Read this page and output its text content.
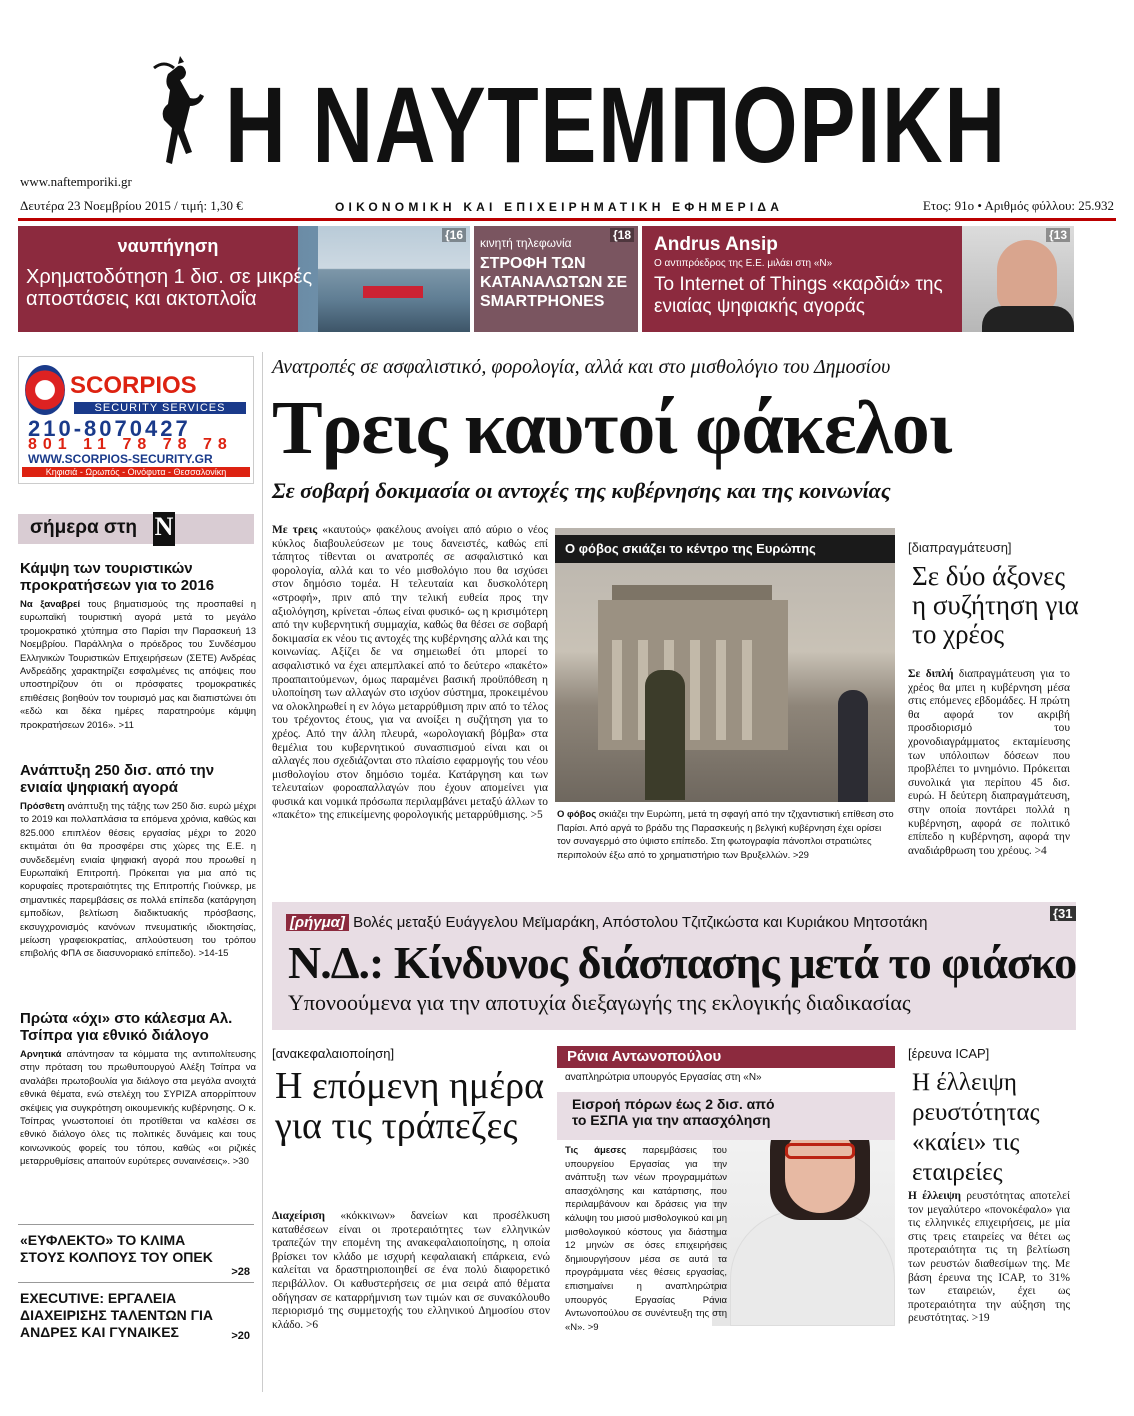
Η ΝΑΥΤΕΜΠΟΡΙΚΗ
www.naftemporiki.gr
Δευτέρα 23 Νοεμβρίου 2015 / τιμή: 1,30 €	ΟΙΚΟΝΟΜΙΚΗ ΚΑΙ ΕΠΙΧΕΙΡΗΜΑΤΙΚΗ ΕΦΗΜΕΡΙΔΑ	Ετος: 91ο • Αριθμός φύλλου: 25.932
ναυπήγηση
Χρηματοδότηση 1 δισ. σε μικρές αποστάσεις και ακτοπλοΐα
{16
κινητή τηλεφωνία
ΣΤΡΟΦΗ ΤΩΝ ΚΑΤΑΝΑΛΩΤΩΝ ΣΕ SMARTPHONES
{18 Andrus Ansip
Ο αντιπρόεδρος της Ε.Ε. μιλάει στη «Ν»
Το Internet of Things «καρδιά» της ενιαίας ψηφιακής αγοράς
{13
SCORPIOS
SECURITY SERVICES
210-8070427
801 11 78 78 78
WWW.SCORPIOS-SECURITY.GR
Κηφισιά - Ωρωπός - Οινόφυτα - Θεσσαλονίκη
σήμερα στη N
Κάμψη των τουριστικών προκρατήσεων για το 2016
Να ξαναβρεί τους βηματισμούς της προσπαθεί η ευρωπαϊκή τουριστική αγορά μετά το μεγάλο τρομοκρατικό χτύπημα στο Παρίσι την Παρασκευή 13 Νοεμβρίου. Παράλληλα ο πρόεδρος του Συνδέσμου Ελληνικών Τουριστικών Επιχειρήσεων (ΣΕΤΕ) Ανδρέας Ανδρεάδης χαρακτηρίζει εσφαλμένες τις απόψεις που υποστηρίζουν ότι οι πρόσφατες τρομοκρατικές επιθέσεις βοηθούν τον τουρισμό μας και διαπιστώνει ότι «εδώ και δέκα ημέρες παρατηρούμε κάμψη προκρατήσεων 2016». >11
Ανάπτυξη 250 δισ. από την ενιαία ψηφιακή αγορά
Πρόσθετη ανάπτυξη της τάξης των 250 δισ. ευρώ μέχρι το 2019 και πολλαπλάσια τα επόμενα χρόνια, καθώς και 825.000 επιπλέον θέσεις εργασίας μέχρι το 2020 εκτιμάται ότι θα προσφέρει στις χώρες της Ε.Ε. η συνδεδεμένη ενιαία ψηφιακή αγορά που προωθεί η Ευρωπαϊκή Επιτροπή. Πρόκειται για μια από τις κορυφαίες προτεραιότητες της Επιτροπής Γιούνκερ, με σημαντικές παρεμβάσεις σε πολλά επίπεδα (κατάργηση εμποδίων, βελτίωση διαδικτυακής πρόσβασης, εκσυγχρονισμός κανόνων πνευματικής ιδιοκτησίας, μείωση γραφειοκρατίας, απλούστευση του τρόπου επιβολής ΦΠΑ σε διασυνοριακό επίπεδο). >14-15
Πρώτα «όχι» στο κάλεσμα Αλ. Τσίπρα για εθνικό διάλογο
Αρνητικά απάντησαν τα κόμματα της αντιπολίτευσης στην πρόταση του πρωθυπουργού Αλέξη Τσίπρα να αναλάβει πρωτοβουλία για διάλογο στα μεγάλα ανοιχτά εθνικά θέματα, ενώ στελέχη του ΣΥΡΙΖΑ απορρίπτουν σκέψεις για συγκρότηση οικουμενικής κυβέρνησης. Ο κ. Τσίπρας γνωστοποιεί ότι προτίθεται να καλέσει σε εθνικό διάλογο όλες τις πολιτικές δυνάμεις και τους κοινωνικούς φορείς του τόπου, καθώς «οι ριζικές μεταρρυθμίσεις απαιτούν ευρύτερες συναινέσεις». >30
«ΕΥΦΛΕΚΤΟ» ΤΟ ΚΛΙΜΑ ΣΤΟΥΣ ΚΟΛΠΟΥΣ ΤΟΥ ΟΠΕΚ
>28
EXECUTIVE: ΕΡΓΑΛΕΙΑ ΔΙΑΧΕΙΡΙΣΗΣ ΤΑΛΕΝΤΩΝ ΓΙΑ ΑΝΔΡΕΣ ΚΑΙ ΓΥΝΑΙΚΕΣ	>20
Ανατροπές σε ασφαλιστικό, φορολογία, αλλά και στο μισθολόγιο του Δημοσίου
Τρεις καυτοί φάκελοι
Σε σοβαρή δοκιμασία οι αντοχές της κυβέρνησης και της κοινωνίας
Με τρεις «καυτούς» φακέλους ανοίγει από αύριο ο νέος κύκλος διαβουλεύσεων με τους δανειστές, καθώς επί τάπητος τίθενται οι ανατροπές σε ασφαλιστικό και φορολογία, αλλά και το νέο μισθολόγιο που θα ισχύσει στον δημόσιο τομέα. Η τελευταία και δυσκολότερη «στροφή», πριν από την τελική ευθεία προς την αξιολόγηση, κρίνεται -όπως είναι φυσικό- ως η κρισιμότερη από την κυβερνητική συμμαχία, καθώς θα θέσει σε σοβαρή δοκιμασία εκ νέου τις αντοχές της κυβέρνησης αλλά και της κοινωνίας. Αξίζει δε να σημειωθεί ότι μπορεί το ασφαλιστικό να έχει απεμπλακεί από το δεύτερο «πακέτο» προαπαιτούμενων, όμως παραμένει βασική προϋπόθεση η υλοποίηση των αλλαγών στο ισχύον σύστημα, προκειμένου να ολοκληρωθεί η εν λόγω μεταρρύθμιση πριν από το τέλος του τρέχοντος έτους, για να ανοίξει η συζήτηση για το χρέος. Από την άλλη πλευρά, «ωρολογιακή βόμβα» στα θεμέλια του κυβερνητικού συνασπισμού είναι και οι αλλαγές που σχεδιάζονται στο πλαίσιο εφαρμογής του νέου μισθολογίου στον δημόσιο τομέα. Κατάργηση και των τελευταίων φοροαπαλλαγών που έχουν απομείνει για φυσικά και νομικά πρόσωπα περιλαμβάνει μεταξύ άλλων το «πακέτο» της επικείμενης φορολογικής μεταρρύθμισης. >5
Ο φόβος σκιάζει το κέντρο της Ευρώπης
Ο φόβος σκιάζει την Ευρώπη, μετά τη σφαγή από την τζιχαντιστική επίθεση στο Παρίσι. Από αργά το βράδυ της Παρασκευής η βελγική κυβέρνηση έχει ορίσει τον συναγερμό στο ύψιστο επίπεδο. Στη φωτογραφία πάνοπλοι στρατιώτες περιπολούν έξω από το χρηματιστήριο των Βρυξελλών. >29
[διαπραγμάτευση]
Σε δύο άξονες η συζήτηση για το χρέος
Σε διπλή διαπραγμάτευση για το χρέος θα μπει η κυβέρνηση μέσα στις επόμενες εβδομάδες. Η πρώτη θα αφορά τον ακριβή προσδιορισμό του χρονοδιαγράμματος εκταμίευσης των υπόλοιπων δόσεων που προβλέπει το μνημόνιο. Πρόκειται συνολικά για περίπου 45 δισ. ευρώ. Η δεύτερη διαπραγμάτευση, στην οποία ποντάρει πολλά η κυβέρνηση, αφορά σε πολιτικό επίπεδο η κυβέρνηση, αφορά την αναδιάρθρωση του χρέους. >4
[ρήγμα] Βολές μεταξύ Ευάγγελου Μεϊμαράκη, Απόστολου Τζιτζικώστα και Κυριάκου Μητσοτάκη
{31
Ν.Δ.: Κίνδυνος διάσπασης μετά το φιάσκο
Υπονοούμενα για την αποτυχία διεξαγωγής της εκλογικής διαδικασίας
[ανακεφαλαιοποίηση]
Η επόμενη ημέρα για τις τράπεζες
Διαχείριση «κόκκινων» δανείων και προσέλκυση καταθέσεων είναι οι προτεραιότητες των ελληνικών τραπεζών την επομένη της ανακεφαλαιοποίησης, η οποία βρίσκει τον κλάδο με ισχυρή κεφαλαιακή επάρκεια, ενώ καλείται να δραστηριοποιηθεί σε ένα πολύ διαφορετικό περιβάλλον. Οι καθυστερήσεις σε μια σειρά από θέματα οδήγησαν σε καταρρήμνιση των τιμών και σε συνακόλουθο περιορισμό της συμμετοχής του ελληνικού Δημοσίου στον κλάδο. >6
Ράνια Αντωνοπούλου
αναπληρώτρια υπουργός Εργασίας στη «Ν»
Εισροή πόρων έως 2 δισ. από το ΕΣΠΑ για την απασχόληση
Τις άμεσες παρεμβάσεις του υπουργείου Εργασίας για την ανάπτυξη των νέων προγραμμάτων απασχόλησης και κατάρτισης, που περιλαμβάνουν και δράσεις για την κάλυψη του μισού μισθολογικού και μη μισθολογικού κόστους για διάστημα 12 μηνών σε όσες επιχειρήσεις δημιουργήσουν μέσα σε αυτά τα προγράμματα νέες θέσεις εργασίας, επισημαίνει η αναπληρώτρια υπουργός Εργασίας Ράνια Αντωνοπούλου σε συνέντευξη της στη «Ν». >9
[έρευνα ICAP]
Η έλλειψη ρευστότητας «καίει» τις εταιρείες
Η έλλειψη ρευστότητας αποτελεί τον μεγαλύτερο «πονοκέφαλο» για τις ελληνικές επιχειρήσεις, με μία στις τρεις εταιρείες να θέτει ως προτεραιότητα τις τη βελτίωση των ρευστών διαθεσίμων της. Με βάση έρευνα της ICAP, το 31% των εταιρειών, έχει ως προτεραιότητα την αύξηση της ρευστότητας. >19
